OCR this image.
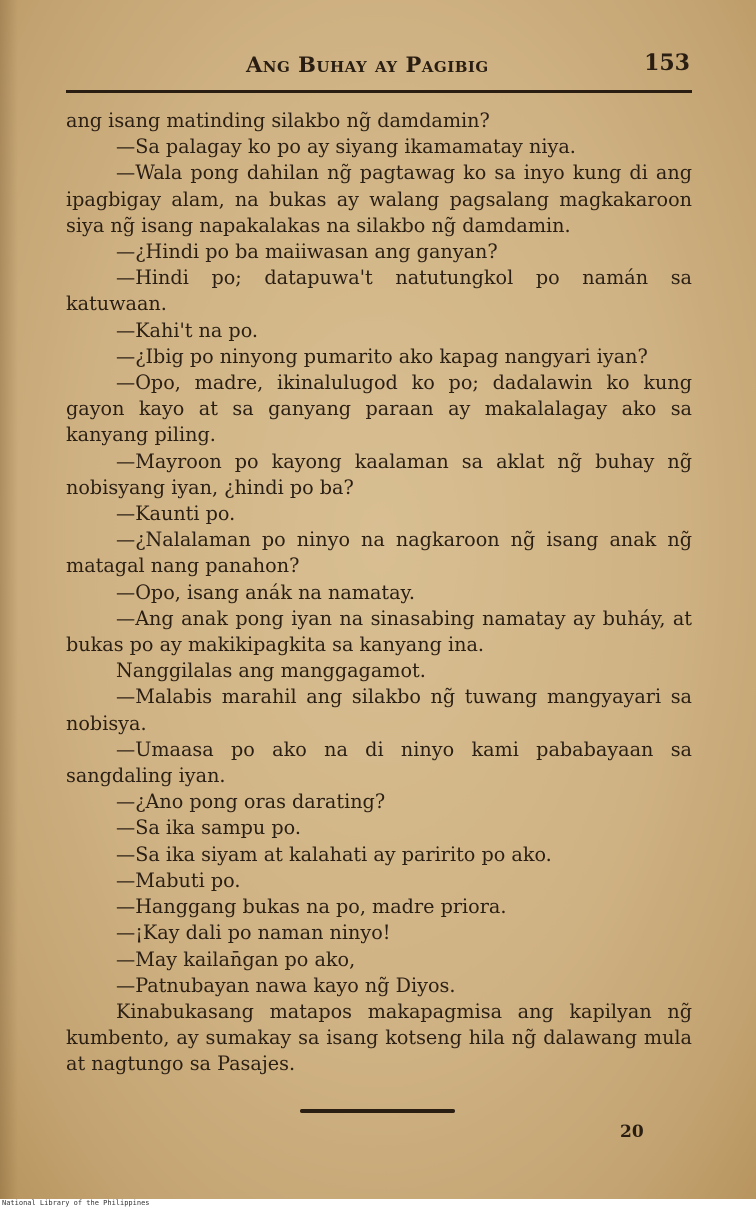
Ang Buhay ay Pagibig	153

ang isang matinding silakbo ng̃ damdamin?

—Sa palagay ko po ay siyang ikamamatay niya.

—Wala pong dahilan ng̃ pagtawag ko sa inyo kung di ang ipagbigay alam, na bukas ay walang pagsalang magkakaroon siya ng̃ isang napakalakas na silakbo ng̃ damdamin.

—¿Hindi po ba maiiwasan ang ganyan?

—Hindi po; datapuwa't natutungkol po namán sa katuwaan.

—Kahi't na po.

—¿Ibig po ninyong pumarito ako kapag nangyari iyan?

—Opo, madre, ikinalulugod ko po; dadalawin ko kung gayon kayo at sa ganyang paraan ay makalalagay ako sa kanyang piling.

—Mayroon po kayong kaalaman sa aklat ng̃ buhay ng̃ nobisyang iyan, ¿hindi po ba?

—Kaunti po.

—¿Nalalaman po ninyo na nagkaroon ng̃ isang anak ng̃ matagal nang panahon?

—Opo, isang anák na namatay.

—Ang anak pong iyan na sinasabing namatay ay buháy, at bukas po ay makikipagkita sa kanyang ina.

Nanggilalas ang manggagamot.

—Malabis marahil ang silakbo ng̃ tuwang mangyayari sa nobisya.

—Umaasa po ako na di ninyo kami pababayaan sa sangdaling iyan.

—¿Ano pong oras darating?

—Sa ika sampu po.

—Sa ika siyam at kalahati ay paririto po ako.

—Mabuti po.

—Hanggang bukas na po, madre priora.

—¡Kay dali po naman ninyo!

—May kailan̄gan po ako,

—Patnubayan nawa kayo ng̃ Diyos.

Kinabukasang matapos makapagmisa ang kapilyan ng̃ kumbento, ay sumakay sa isang kotseng hila ng̃ dalawang mula at nagtungo sa Pasajes.

20
National Library of the Philippines
